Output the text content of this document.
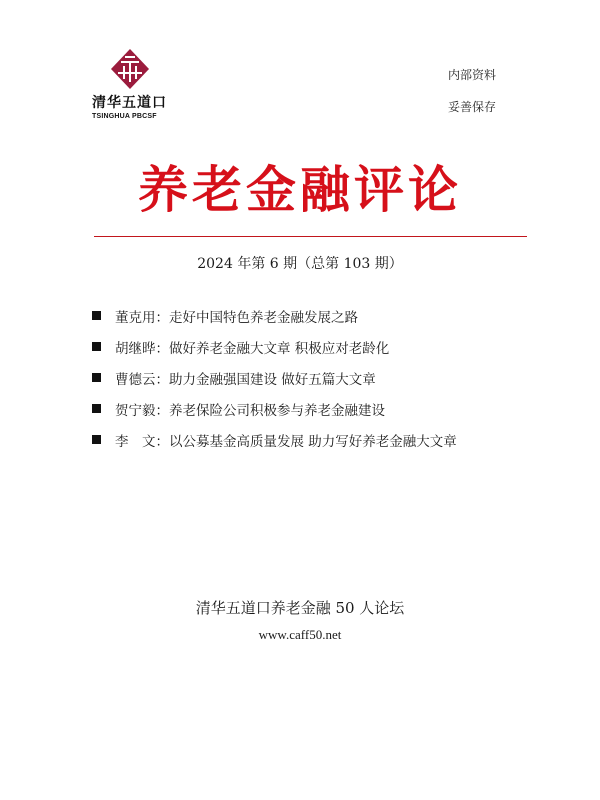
清华五道口
TSINGHUA PBCSF
内部资料
妥善保存
养老金融评论
2024 年第 6 期（总第 103 期）
董克用 ： 走好中国特色养老金融发展之路
胡继晔 ： 做好养老金融大文章 积极应对老龄化
曹德云 ： 助力金融强国建设 做好五篇大文章
贺宁毅 ： 养老保险公司积极参与养老金融建设
李　文 ： 以公募基金高质量发展 助力写好养老金融大文章
清华五道口养老金融 50 人论坛
www.caff50.net
